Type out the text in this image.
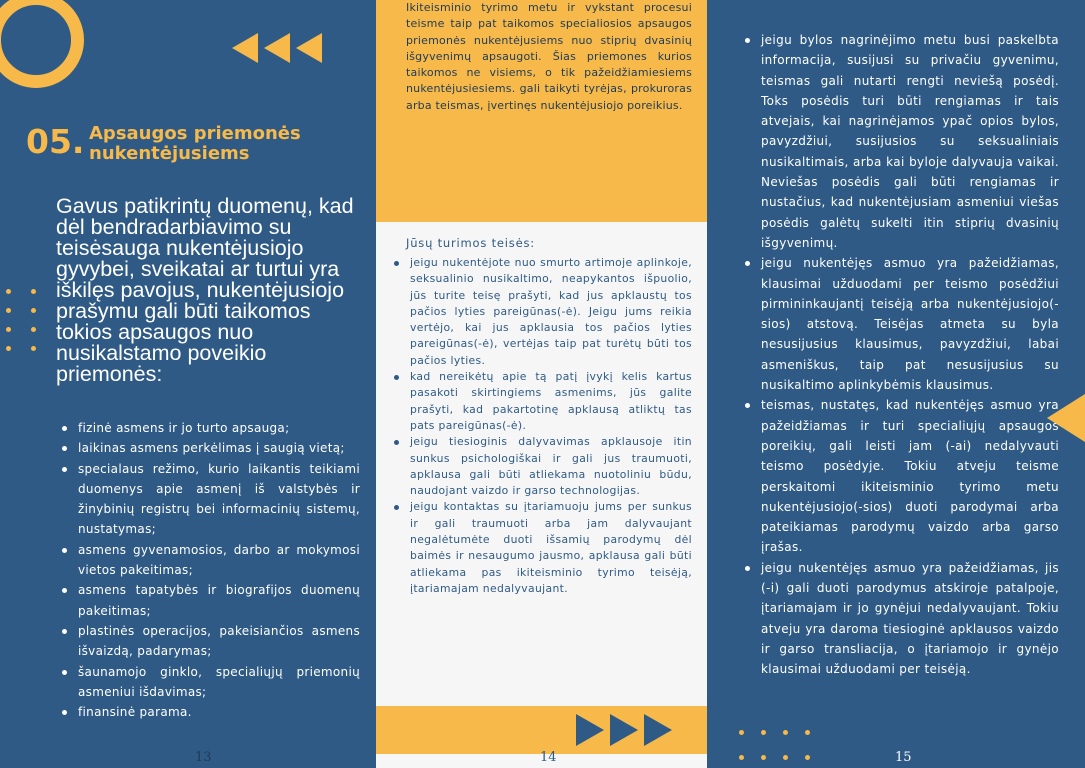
05. Apsaugos priemonės nukentėjusiems
Gavus patikrintų duomenų, kad dėl bendradarbiavimo su teisėsauga nukentėjusiojo gyvybei, sveikatai ar turtui yra iškilęs pavojus, nukentėjusiojo prašymu gali būti taikomos tokios apsaugos nuo nusikalstamo poveikio priemonės:
fizinė asmens ir jo turto apsauga;
laikinas asmens perkėlimas į saugią vietą;
specialaus režimo, kurio laikantis teikiami duomenys apie asmenį iš valstybės ir žinybinių registrų bei informacinių sistemų, nustatymas;
asmens gyvenamosios, darbo ar mokymosi vietos pakeitimas;
asmens tapatybės ir biografijos duomenų pakeitimas;
plastinės operacijos, pakeisiančios asmens išvaizdą, padarymas;
šaunamojo ginklo, specialiųjų priemonių asmeniui išdavimas;
finansinė parama.
13
Ikiteisminio tyrimo metu ir vykstant procesui teisme taip pat taikomos specialiosios apsaugos priemonės nukentėjusiems nuo stiprių dvasinių išgyvenimų apsaugoti. Šias priemones kurios taikomos ne visiems, o tik pažeidžiamiesiems nukentėjusiesiems. gali taikyti tyrėjas, prokuroras arba teismas, įvertinęs nukentėjusiojo poreikius.
Jūsų turimos teisės:
jeigu nukentėjote nuo smurto artimoje aplinkoje, seksualinio nusikaltimo, neapykantos išpuolio, jūs turite teisę prašyti, kad jus apklaustų tos pačios lyties pareigūnas(-ė). Jeigu jums reikia vertėjo, kai jus apklausia tos pačios lyties pareigūnas(-ė), vertėjas taip pat turėtų būti tos pačios lyties.
kad nereikėtų apie tą patį įvykį kelis kartus pasakoti skirtingiems asmenims, jūs galite prašyti, kad pakartotinę apklausą atliktų tas pats pareigūnas(-ė).
jeigu tiesioginis dalyvavimas apklausoje itin sunkus psichologiškai ir gali jus traumuoti, apklausa gali būti atliekama nuotoliniu būdu, naudojant vaizdo ir garso technologijas.
jeigu kontaktas su įtariamuoju jums per sunkus ir gali traumuoti arba jam dalyvaujant negalėtumėte duoti išsamių parodymų dėl baimės ir nesaugumo jausmo, apklausa gali būti atliekama pas ikiteisminio tyrimo teisėją, įtariamajam nedalyvaujant.
14
jeigu bylos nagrinėjimo metu busi paskelbta informacija, susijusi su privačiu gyvenimu, teismas gali nutarti rengti neviešą posėdį. Toks posėdis turi būti rengiamas ir tais atvejais, kai nagrinėjamos ypač opios bylos, pavyzdžiui, susijusios su seksualiniais nusikaltimais, arba kai byloje dalyvauja vaikai. Neviešas posėdis gali būti rengiamas ir nustačius, kad nukentėjusiam asmeniui viešas posėdis galėtų sukelti itin stiprių dvasinių išgyvenimų.
jeigu nukentėjęs asmuo yra pažeidžiamas, klausimai užduodami per teismo posėdžiui pirmininkaujantį teisėją arba nukentėjusiojo(-sios) atstovą. Teisėjas atmeta su byla nesusijusius klausimus, pavyzdžiui, labai asmeniškus, taip pat nesusijusius su nusikaltimo aplinkybėmis klausimus.
teismas, nustatęs, kad nukentėjęs asmuo yra pažeidžiamas ir turi specialiųjų apsaugos poreikių, gali leisti jam (-ai) nedalyvauti teismo posėdyje. Tokiu atveju teisme perskaitomi ikiteisminio tyrimo metu nukentėjusiojo(-sios) duoti parodymai arba pateikiamas parodymų vaizdo arba garso įrašas.
jeigu nukentėjęs asmuo yra pažeidžiamas, jis (-i) gali duoti parodymus atskiroje patalpoje, įtariamajam ir jo gynėjui nedalyvaujant. Tokiu atveju yra daroma tiesioginė apklausos vaizdo ir garso transliacija, o įtariamojo ir gynėjo klausimai užduodami per teisėją.
15
